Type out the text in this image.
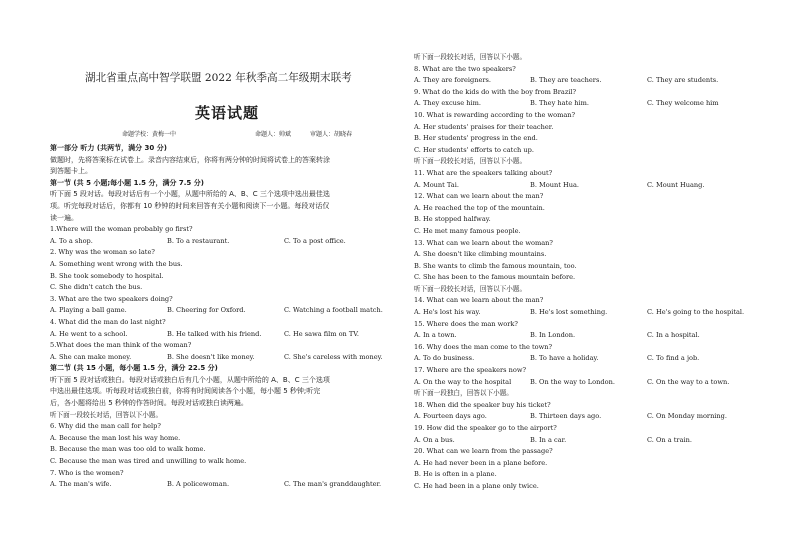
湖北省重点高中智学联盟 2022 年秋季高二年级期末联考
英语试题
命题学校：黄梅一中	命题人：帅斌	审题人：胡晓春
第一部分 听力 (共两节，满分 30 分)
做题时，先将答案标在试卷上。录音内容结束后，你将有两分钟的时间将试卷上的答案转涂
到答题卡上。
第一节 (共 5 小题;每小题 1.5 分，满分 7.5 分)
听下面 5 段对话。每段对话后有一个小题，从题中所给的 A、B、C 三个选项中选出最佳选
项。听完每段对话后，你都有 10 秒钟的时间来回答有关小题和阅读下一小题。每段对话仅
读一遍。
1.Where will the woman probably go first?
A. To a shop.	B. To a restaurant.	C. To a post office.
2. Why was the woman so late?
A. Something went wrong with the bus.
B. She took somebody to hospital.
C. She didn't catch the bus.
3. What are the two speakers doing?
A. Playing a ball game.	B. Cheering for Oxford.	C. Watching a football match.
4. What did the man do last night?
A. He went to a school.	B. He talked with his friend.	C. He sawa film on TV.
5.What does the man think of the woman?
A. She can make money.	B. She doesn't like money.	C. She's careless with money.
第二节 (共 15 小题，每小题 1.5 分，满分 22.5 分)
听下面 5 段对话或独白。每段对话或独白后有几个小题，从题中所给的 A、B、C 三个选项
中选出最佳选项。听每段对话或独白前，你将有时间阅读各个小题，每小题 5 秒钟;听完
后，各小题将给出 5 秒钟的作答时间。每段对话或独白读两遍。
听下面一段较长对话，回答以下小题。
6. Why did the man call for help?
A. Because the man lost his way home.
B. Because the man was too old to walk home.
C. Because the man was tired and unwilling to walk home.
7. Who is the women?
A. The man's wife.	B. A policewoman.	C. The man's granddaughter.
听下面一段较长对话，回答以下小题。
8. What are the two speakers?
A. They are foreigners.	B. They are teachers.	C. They are students.
9. What do the kids do with the boy from Brazil?
A. They excuse him.	B. They hate him.	C. They welcome him
10. What is rewarding according to the woman?
A. Her students' praises for their teacher.
B. Her students' progress in the end.
C. Her students' efforts to catch up.
听下面一段较长对话，回答以下小题。
11. What are the speakers talking about?
A. Mount Tai.	B. Mount Hua.	C. Mount Huang.
12. What can we learn about the man?
A. He reached the top of the mountain.
B. He stopped halfway.
C. He met many famous people.
13. What can we learn about the woman?
A. She doesn't like climbing mountains.
B. She wants to climb the famous mountain, too.
C. She has been to the famous mountain before.
听下面一段较长对话，回答以下小题。
14. What can we learn about the man?
A. He's lost his way.	B. He's lost something.	C. He's going to the hospital.
15. Where does the man work?
A. In a town.	B. In London.	C. In a hospital.
16. Why does the man come to the town?
A. To do business.	B. To have a holiday.	C. To find a job.
17. Where are the speakers now?
A. On the way to the hospital	B. On the way to London.	C. On the way to a town.
听下面一段独白，回答以下小题。
18. When did the speaker buy his ticket?
A. Fourteen days ago.	B. Thirteen days ago.	C. On Monday morning.
19. How did the speaker go to the airport?
A. On a bus.	B. In a car.	C. On a train.
20. What can we learn from the passage?
A. He had never been in a plane before.
B. He is often in a plane.
C. He had been in a plane only twice.
